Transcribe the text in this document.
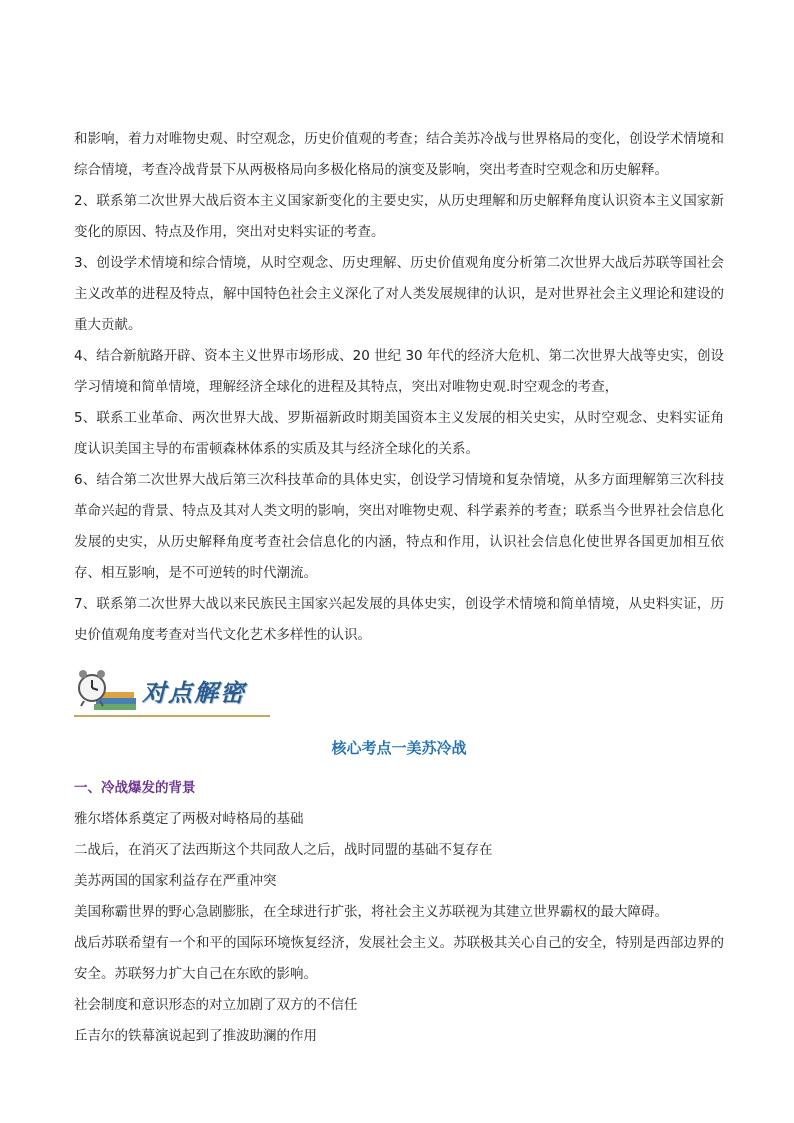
和影响，着力对唯物史观、时空观念，历史价值观的考查；结合美苏冷战与世界格局的变化，创设学术情境和综合情境，考查冷战背景下从两极格局向多极化格局的演变及影响，突出考查时空观念和历史解释。

2、联系第二次世界大战后资本主义国家新变化的主要史实，从历史理解和历史解释角度认识资本主义国家新变化的原因、特点及作用，突出对史料实证的考查。

3、创设学术情境和综合情境，从时空观念、历史理解、历史价值观角度分析第二次世界大战后苏联等国社会主义改革的进程及特点，解中国特色社会主义深化了对人类发展规律的认识，是对世界社会主义理论和建设的重大贡献。

4、结合新航路开辟、资本主义世界市场形成、20 世纪 30 年代的经济大危机、第二次世界大战等史实，创设学习情境和简单情境，理解经济全球化的进程及其特点，突出对唯物史观.时空观念的考查，

5、联系工业革命、两次世界大战、罗斯福新政时期美国资本主义发展的相关史实，从时空观念、史料实证角度认识美国主导的布雷顿森林体系的实质及其与经济全球化的关系。

6、结合第二次世界大战后第三次科技革命的具体史实，创设学习情境和复杂情境，从多方面理解第三次科技革命兴起的背景、特点及其对人类文明的影响，突出对唯物史观、科学素养的考查；联系当今世界社会信息化发展的史实，从历史解释角度考查社会信息化的内涵，特点和作用，认识社会信息化使世界各国更加相互依存、相互影响，是不可逆转的时代潮流。

7、联系第二次世界大战以来民族民主国家兴起发展的具体史实，创设学术情境和简单情境，从史料实证，历史价值观角度考查对当代文化艺术多样性的认识。

对点解密
核心考点一美苏冷战

一、冷战爆发的背景

雅尔塔体系奠定了两极对峙格局的基础

二战后，在消灭了法西斯这个共同敌人之后，战时同盟的基础不复存在

美苏两国的国家利益存在严重冲突

美国称霸世界的野心急剧膨胀，在全球进行扩张，将社会主义苏联视为其建立世界霸权的最大障碍。

战后苏联希望有一个和平的国际环境恢复经济，发展社会主义。苏联极其关心自己的安全，特别是西部边界的安全。苏联努力扩大自己在东欧的影响。

社会制度和意识形态的对立加剧了双方的不信任

丘吉尔的铁幕演说起到了推波助澜的作用
